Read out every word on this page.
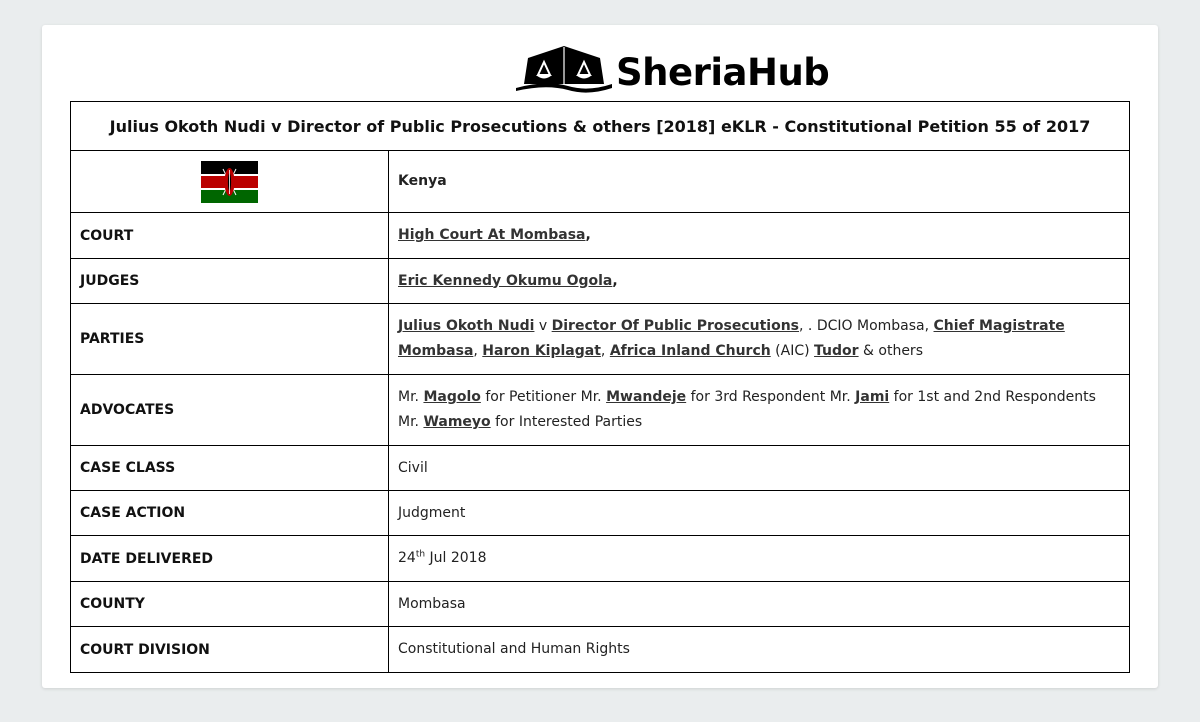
SheriaHub
Julius Okoth Nudi v Director of Public Prosecutions & others [2018] eKLR - Constitutional Petition 55 of 2017	
	Kenya
COURT	High Court At Mombasa,
JUDGES	Eric Kennedy Okumu Ogola,
PARTIES	Julius Okoth Nudi v Director Of Public Prosecutions, . DCIO Mombasa, Chief Magistrate Mombasa, Haron Kiplagat, Africa Inland Church (AIC) Tudor & others
ADVOCATES	Mr. Magolo for Petitioner Mr. Mwandeje for 3rd Respondent Mr. Jami for 1st and 2nd Respondents Mr. Wameyo for Interested Parties
CASE CLASS	Civil
CASE ACTION	Judgment
DATE DELIVERED	24th Jul 2018
COUNTY	Mombasa
COURT DIVISION	Constitutional and Human Rights
